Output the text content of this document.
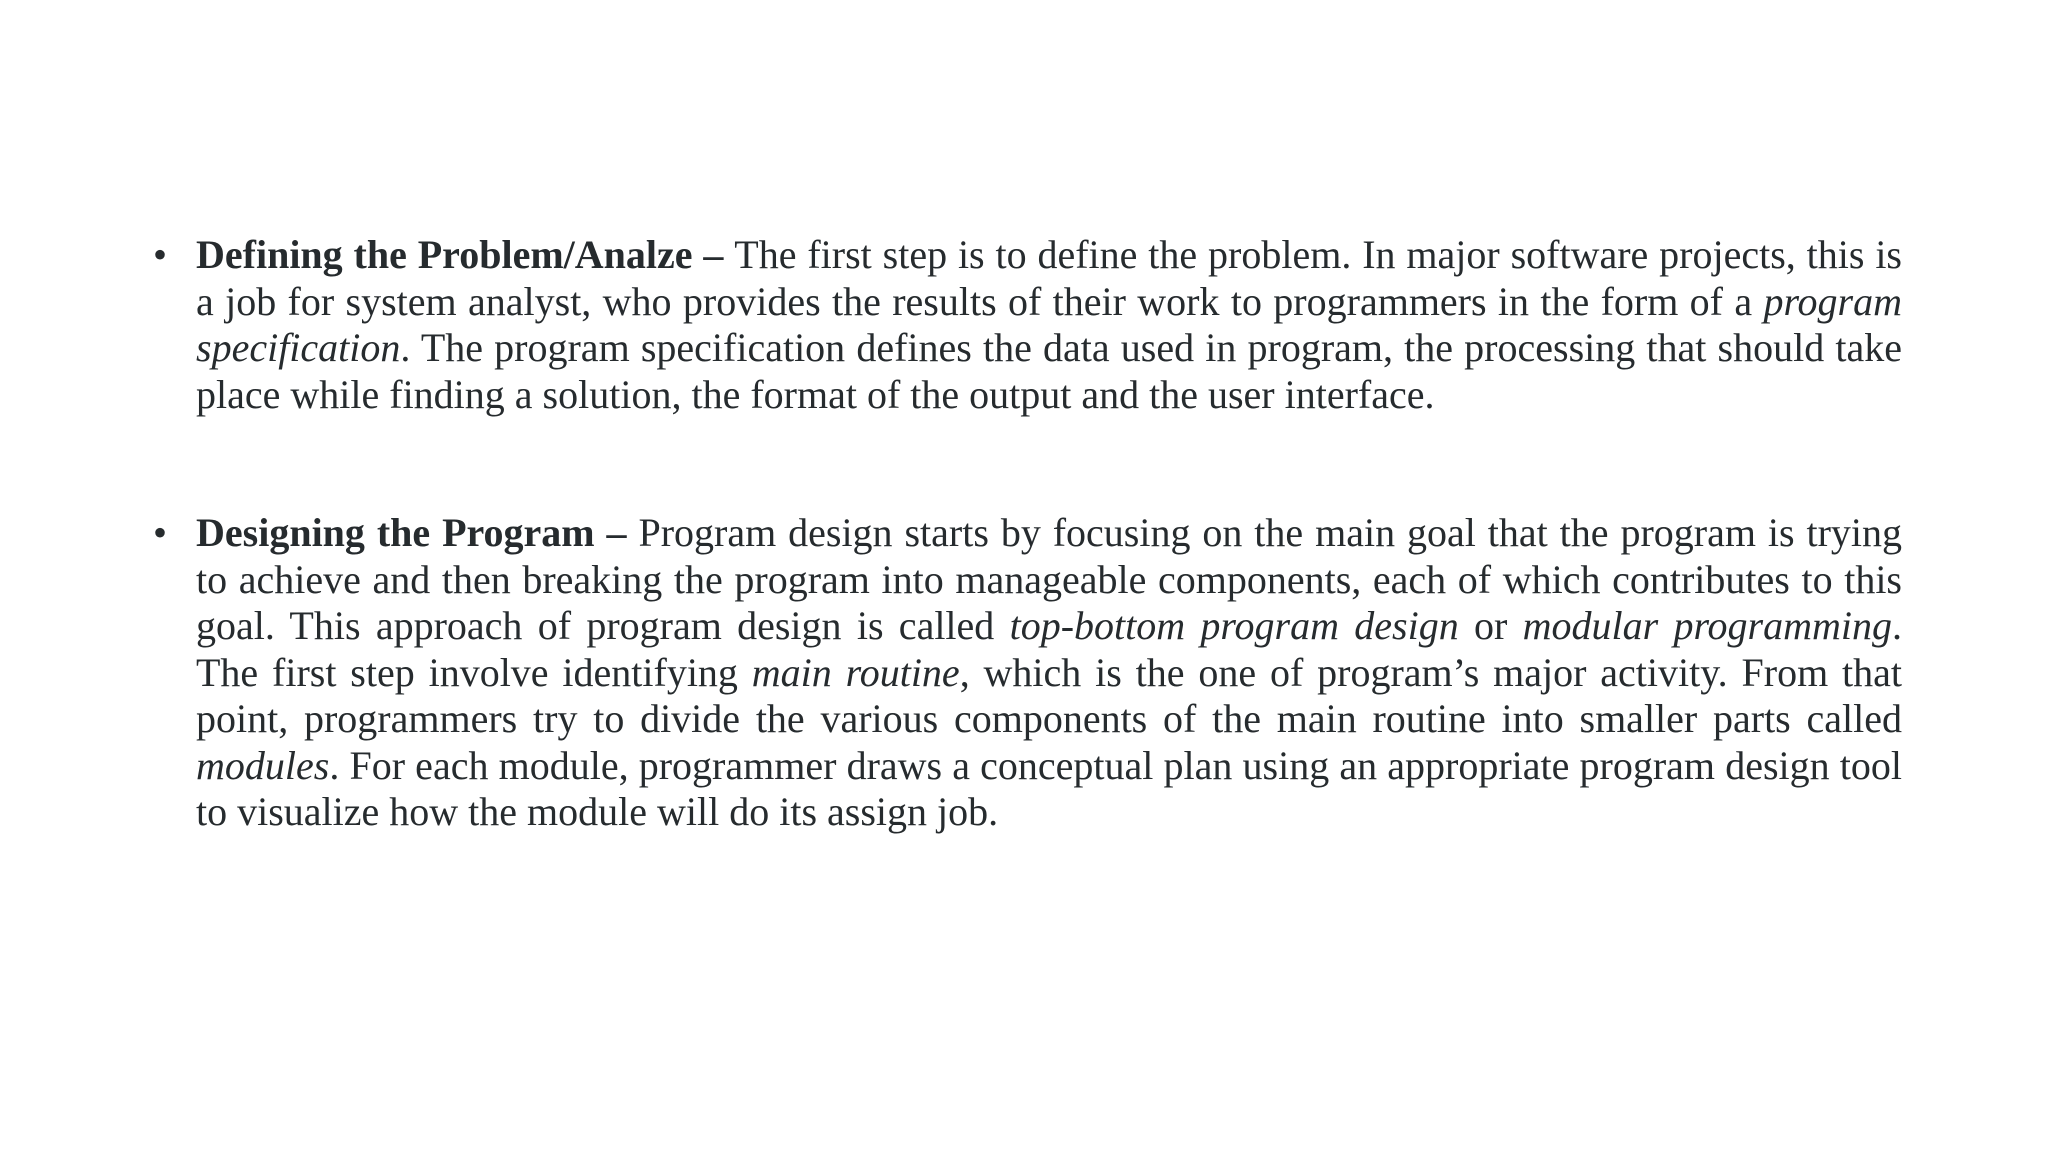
• Defining the Problem/Analze – The first step is to define the problem. In major software projects, this is a job for system analyst, who provides the results of their work to programmers in the form of a program specification. The program specification defines the data used in program, the processing that should take place while finding a solution, the format of the output and the user interface.

• Designing the Program – Program design starts by focusing on the main goal that the program is trying to achieve and then breaking the program into manageable components, each of which contributes to this goal. This approach of program design is called top-bottom program design or modular programming. The first step involve identifying main routine, which is the one of program’s major activity. From that point, programmers try to divide the various components of the main routine into smaller parts called modules. For each module, programmer draws a conceptual plan using an appropriate program design tool to visualize how the module will do its assign job.
